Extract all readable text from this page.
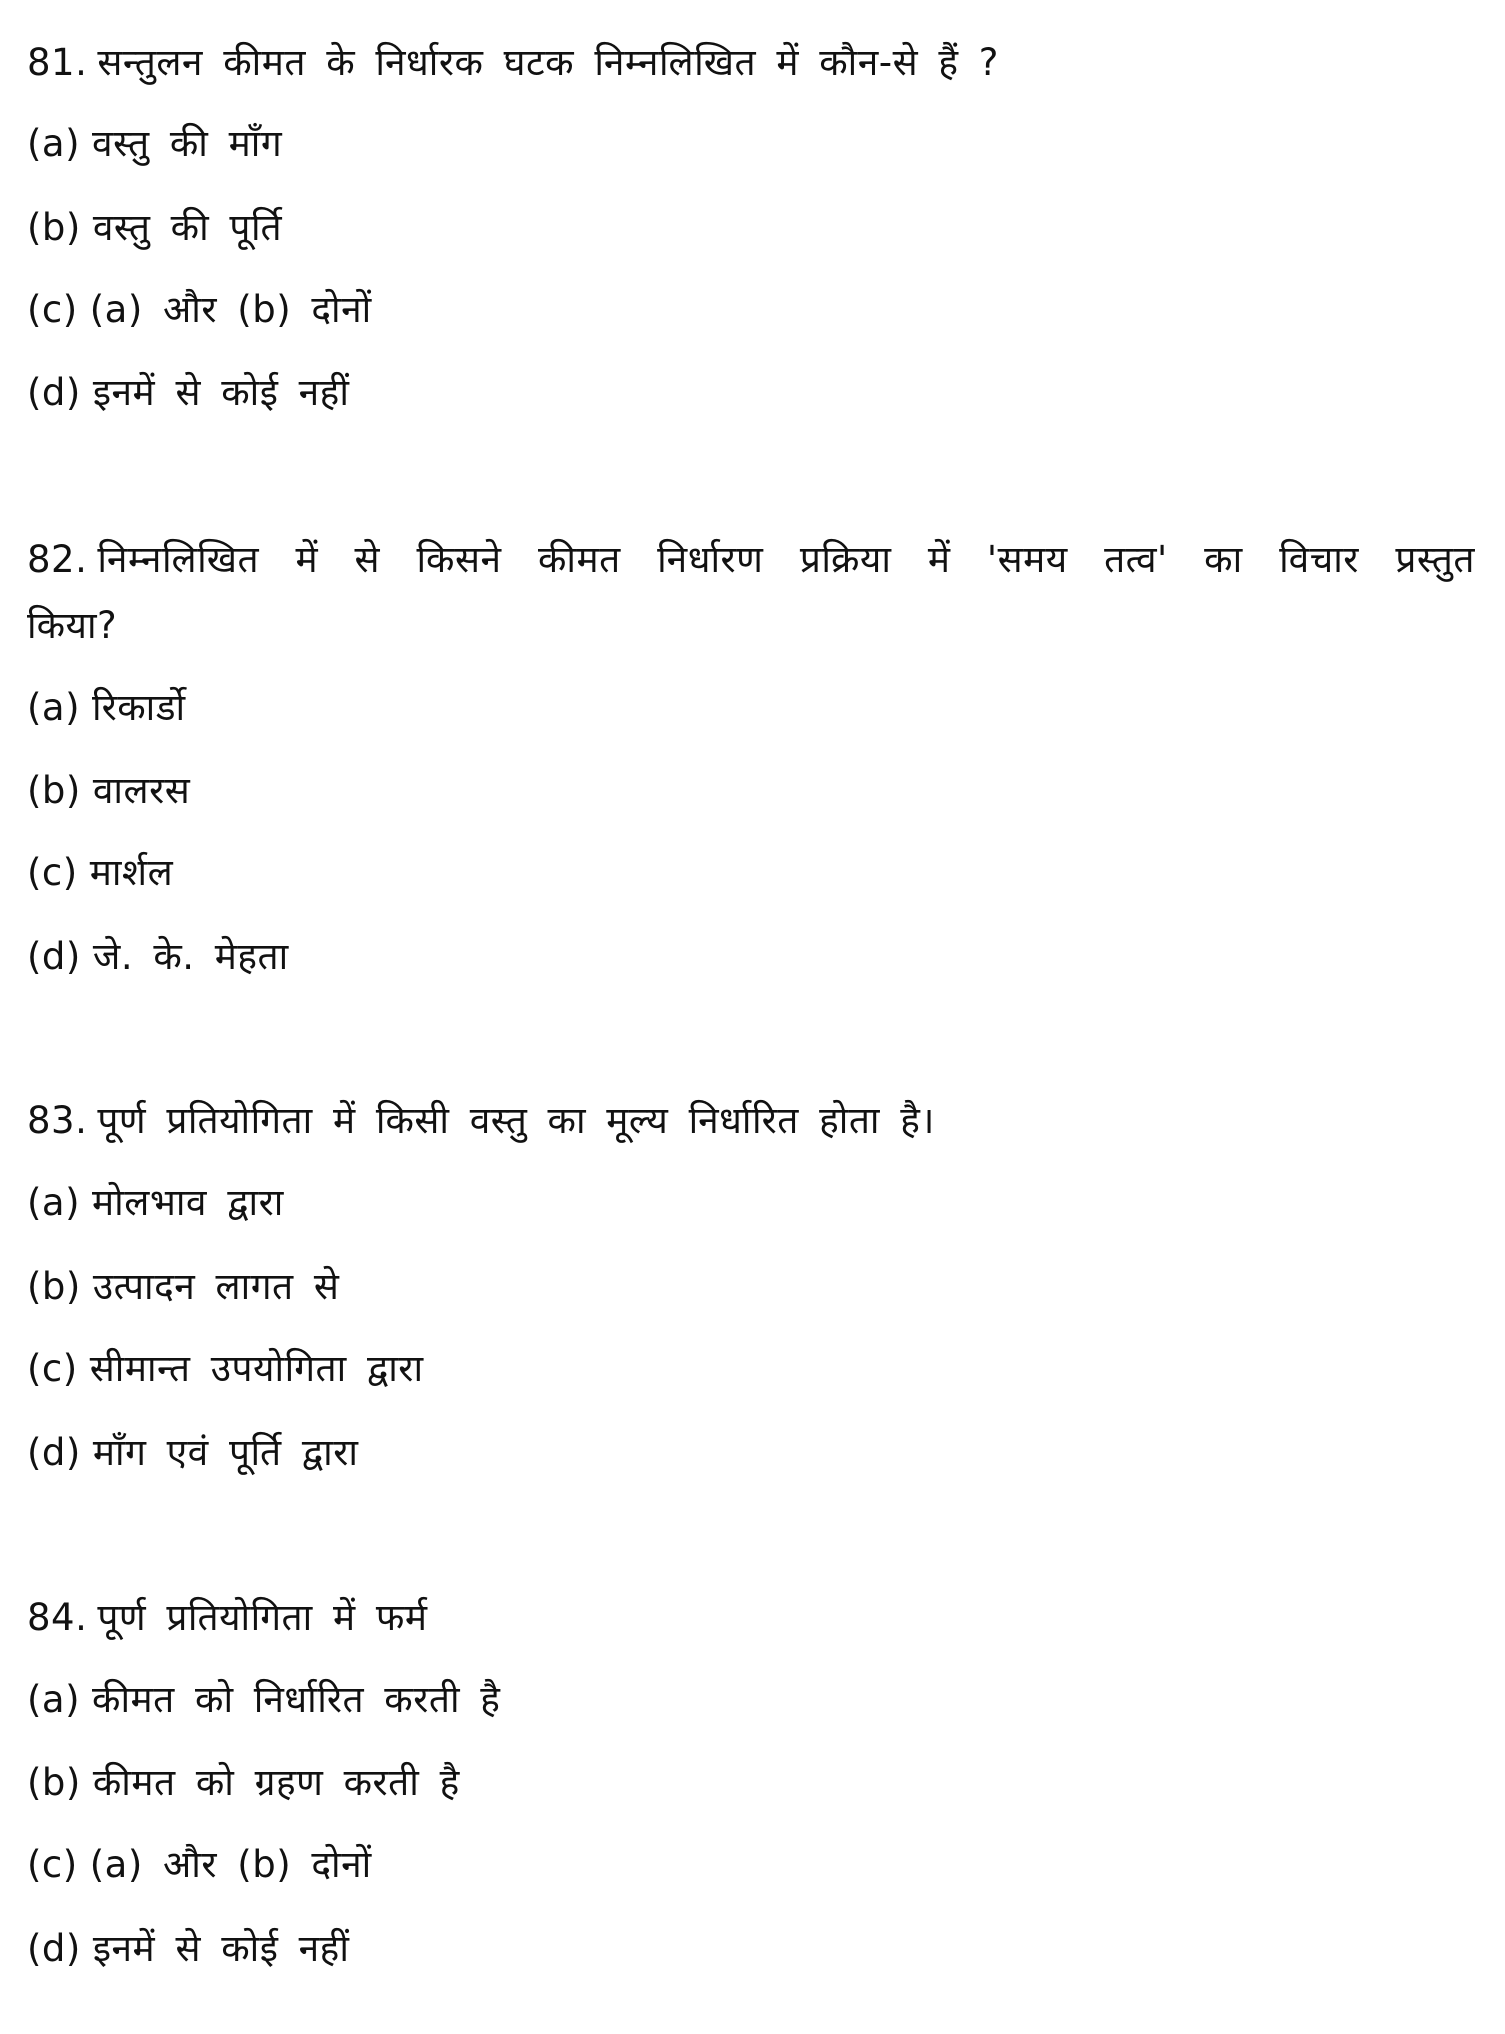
81. सन्तुलन कीमत के निर्धारक घटक निम्नलिखित में कौन-से हैं ?
(a) वस्तु की माँग
(b) वस्तु की पूर्ति
(c) (a) और (b) दोनों
(d) इनमें से कोई नहीं
82. निम्नलिखित में से किसने कीमत निर्धारण प्रक्रिया में 'समय तत्व' का विचार प्रस्तुत
किया?
(a) रिकार्डो
(b) वालरस
(c) मार्शल
(d) जे. के. मेहता
83. पूर्ण प्रतियोगिता में किसी वस्तु का मूल्य निर्धारित होता है।
(a) मोलभाव द्वारा
(b) उत्पादन लागत से
(c) सीमान्त उपयोगिता द्वारा
(d) माँग एवं पूर्ति द्वारा
84. पूर्ण प्रतियोगिता में फर्म
(a) कीमत को निर्धारित करती है
(b) कीमत को ग्रहण करती है
(c) (a) और (b) दोनों
(d) इनमें से कोई नहीं
